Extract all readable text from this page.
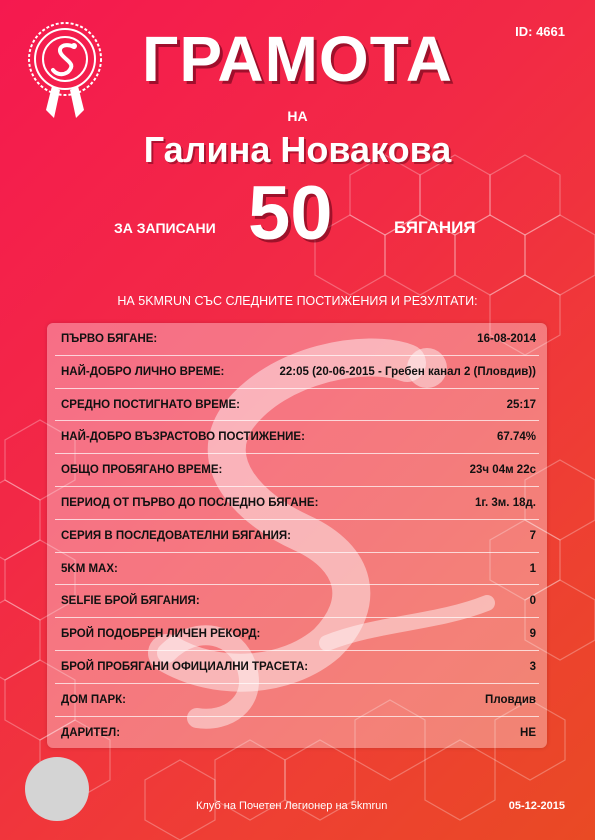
ID: 4661
ГРАМОТА
НА
Галина Новакова
ЗА ЗАПИСАНИ 50	БЯГАНИЯ
НА 5KMRUN СЪС СЛЕДНИТЕ ПОСТИЖЕНИЯ И РЕЗУЛТАТИ:
ПЪРВО БЯГАНЕ:	16-08-2014
НАЙ-ДОБРО ЛИЧНО ВРЕМЕ:	22:05 (20-06-2015 - Гребен канал 2 (Пловдив))
СРЕДНО ПОСТИГНАТО ВРЕМЕ:	25:17
НАЙ-ДОБРО ВЪЗРАСТОВО ПОСТИЖЕНИЕ:	67.74%
ОБЩО ПРОБЯГАНО ВРЕМЕ:	23ч 04м 22с
ПЕРИОД ОТ ПЪРВО ДО ПОСЛЕДНО БЯГАНЕ:	1г. 3м. 18д.
СЕРИЯ В ПОСЛЕДОВАТЕЛНИ БЯГАНИЯ:	7
5KM MAX:	1
SELFIE БРОЙ БЯГАНИЯ:	0
БРОЙ ПОДОБРЕН ЛИЧЕН РЕКОРД:	9
БРОЙ ПРОБЯГАНИ ОФИЦИАЛНИ ТРАСЕТА:	3
ДОМ ПАРК:	Пловдив
ДАРИТЕЛ:	НЕ
Клуб на Почетен Легионер на 5kmrun	05-12-2015
